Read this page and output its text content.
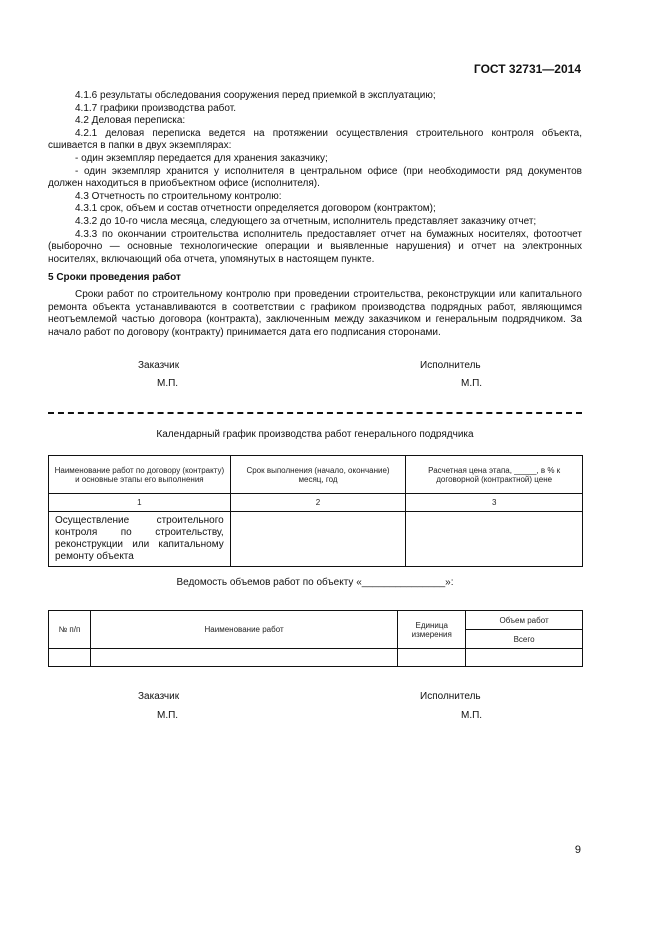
ГОСТ 32731—2014

4.1.6 результаты обследования сооружения перед приемкой в эксплуатацию;

4.1.7 графики производства работ.

4.2 Деловая переписка:

4.2.1 деловая переписка ведется на протяжении осуществления строительного контроля объекта, сшивается в папки в двух экземплярах:

- один экземпляр передается для хранения заказчику;

- один экземпляр хранится у исполнителя в центральном офисе (при необходимости ряд документов должен находиться в приобъектном офисе (исполнителя).

4.3 Отчетность по строительному контролю:

4.3.1 срок, объем и состав отчетности определяется договором (контрактом);

4.3.2 до 10-го числа месяца, следующего за отчетным, исполнитель представляет заказчику отчет;

4.3.3 по окончании строительства исполнитель предоставляет отчет на бумажных носителях, фотоотчет (выборочно — основные технологические операции и выявленные нарушения) и отчет на электронных носителях, включающий оба отчета, упомянутых в настоящем пункте.

5 Сроки проведения работ

Сроки работ по строительному контролю при проведении строительства, реконструкции или капитального ремонта объекта устанавливаются в соответствии с графиком производства подрядных работ, являющимся неотъемлемой частью договора (контракта), заключенным между заказчиком и генеральным подрядчиком. За начало работ по договору (контракту) принимается дата его подписания сторонами.

Заказчик	Исполнитель
М.П.	М.П.
Календарный график производства работ генерального подрядчика
Наименование работ по договору (контракту) и основные этапы его выполнения	Срок выполнения (начало, окончание) месяц, год	Расчетная цена этапа, _____, в % к договорной (контрактной) цене
1	2	3
Осуществление строительного контроля по строительству, реконструкции или капитальному ремонту объекта		
Ведомость объемов работ по объекту «_______________»:
№ п/п	Наименование работ	Единица измерения	Объем работ
			Всего

Заказчик	Исполнитель
М.П.	М.П.
9
